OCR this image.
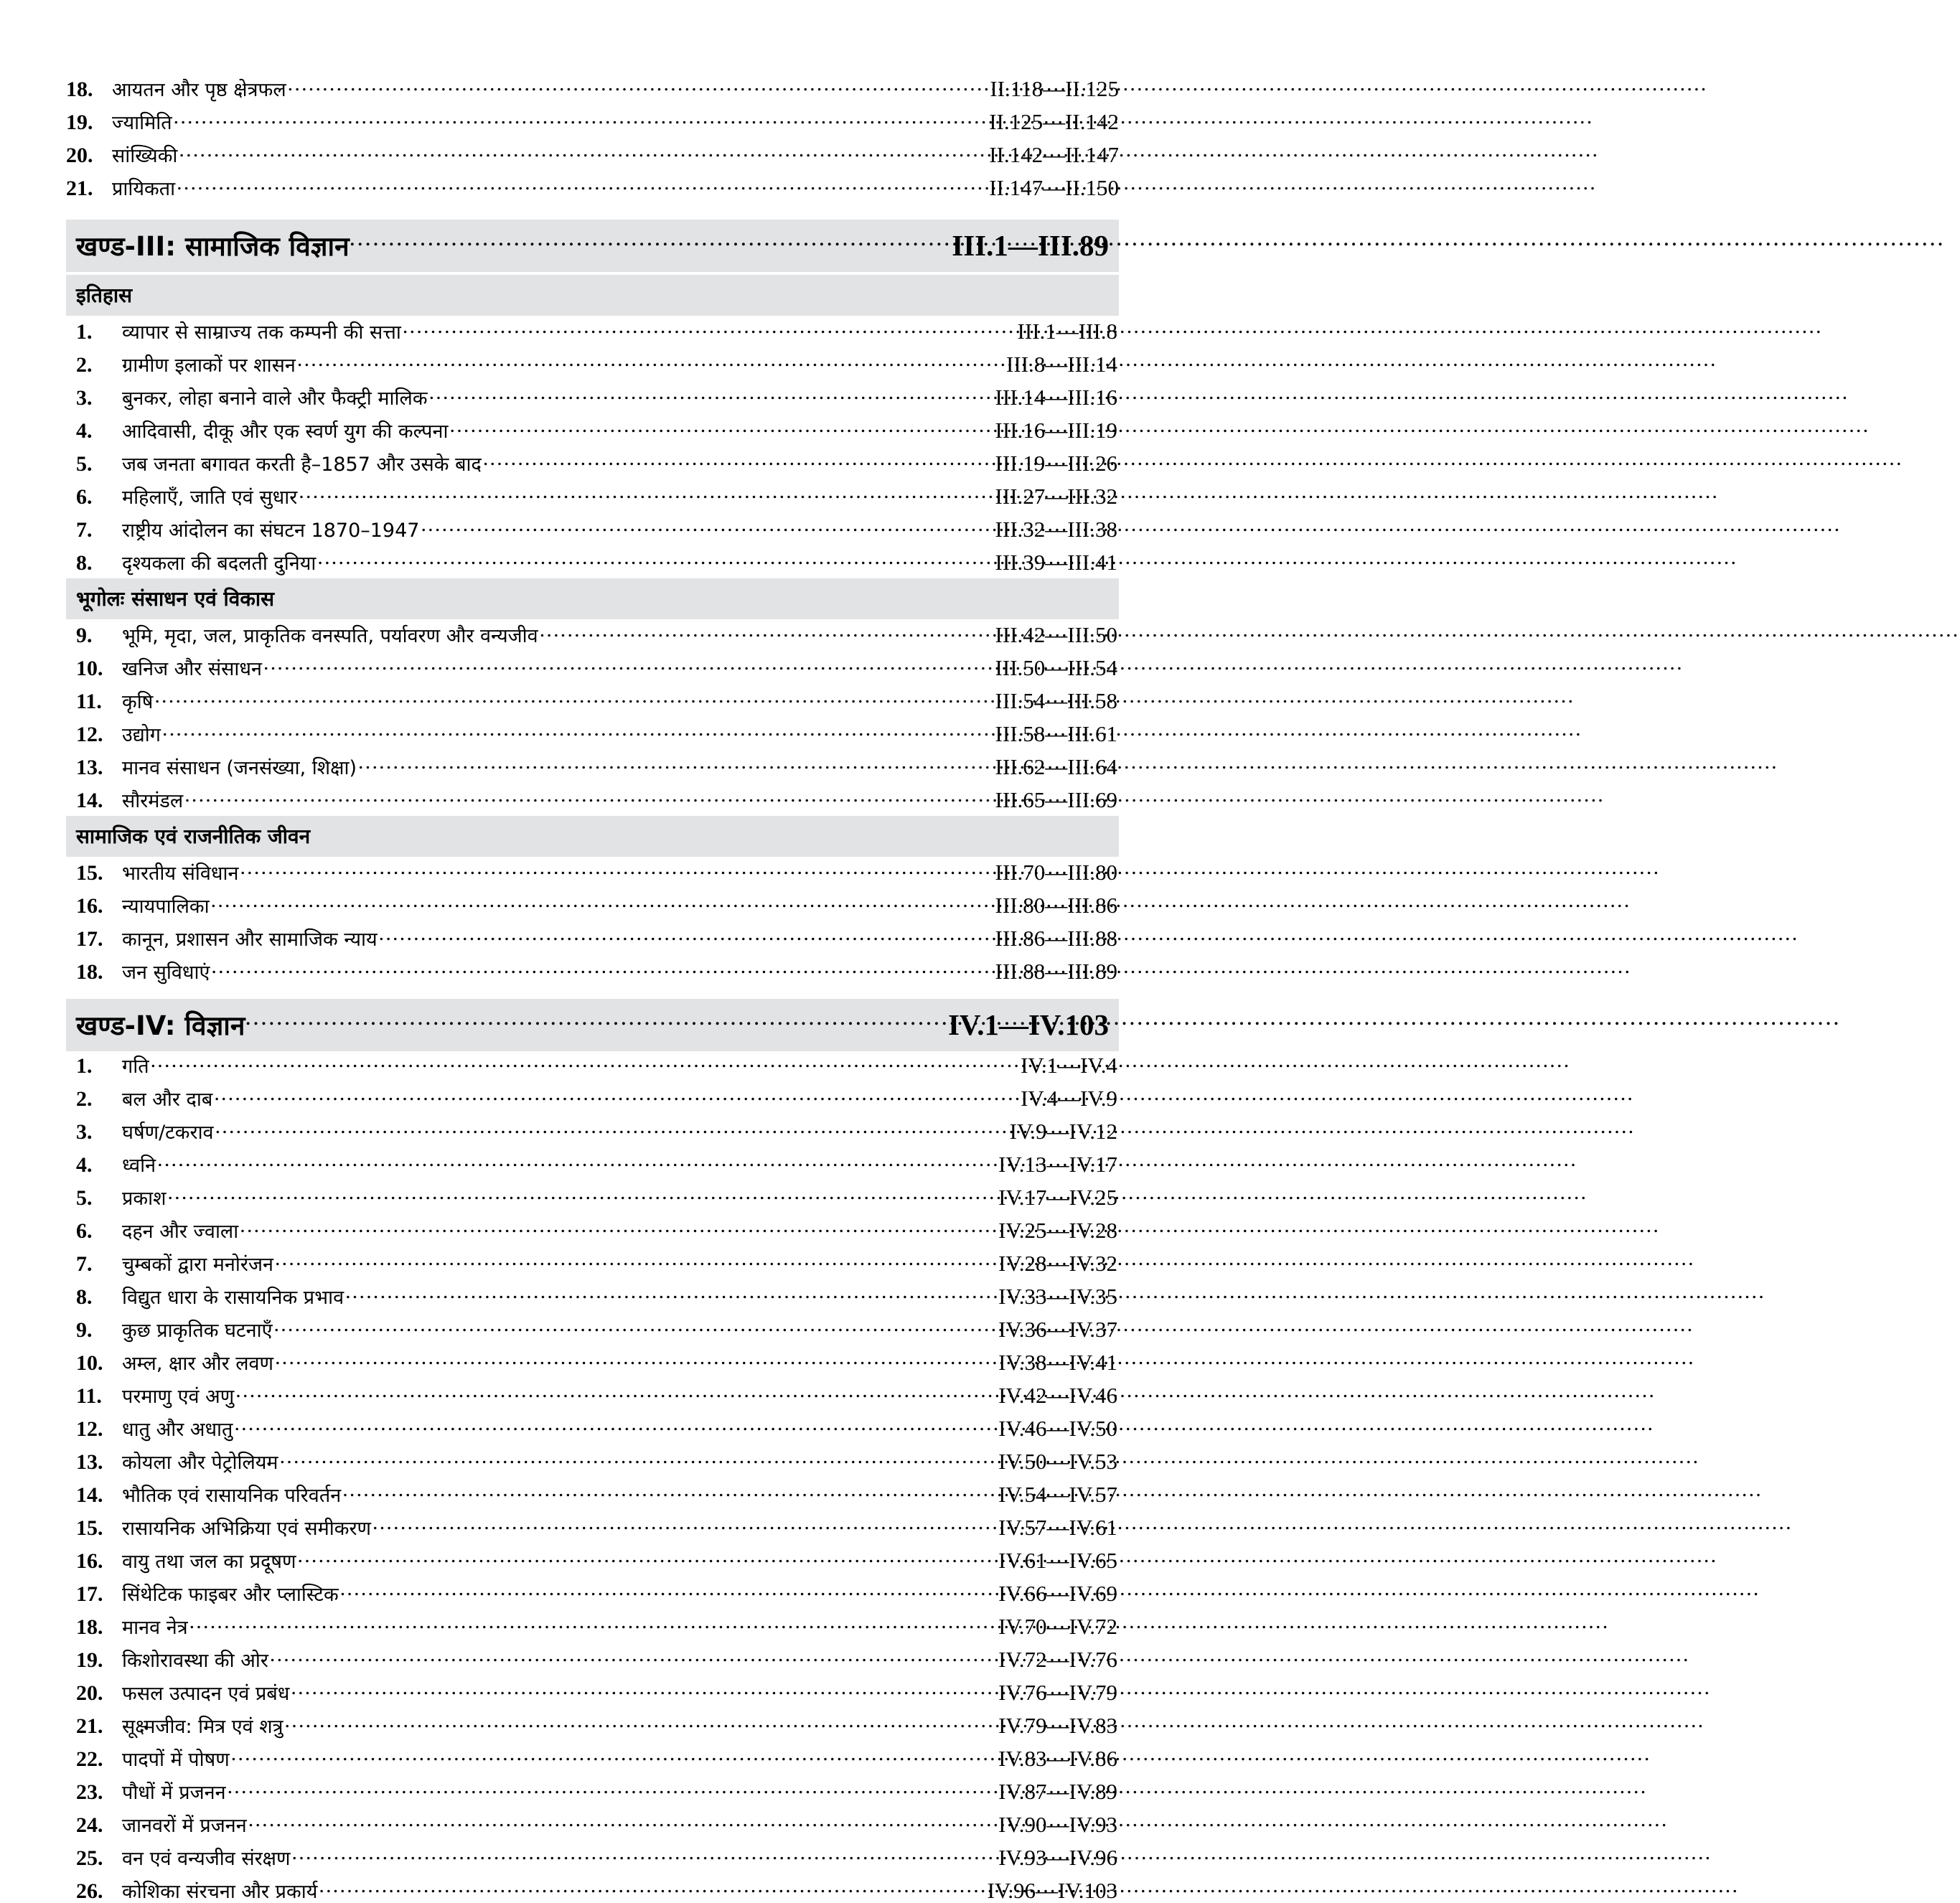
18. आयतन और पृष्ठ क्षेत्रफल .....	II.118—II.125
19. ज्यामिति .....	II.125—II.142
20. सांख्यिकी .....	II.142—II.147
21. प्रायिकता .....	II.147—II.150
खण्ड-III: सामाजिक विज्ञान .....	III.1—III.89
इतिहास
1.	व्यापार से साम्राज्य तक कम्पनी की सत्ता .....	III.1—III.8
2.	ग्रामीण इलाकों पर शासन .....	III.8—III.14
3.	बुनकर, लोहा बनाने वाले और फैक्ट्री मालिक .....	III.14—III.16
4.	आदिवासी, दीकू और एक स्वर्ण युग की कल्पना .....	III.16—III.19
5.	जब जनता बगावत करती है–1857 और उसके बाद .....	III.19—III.26
6.	महिलाएँ, जाति एवं सुधार .....	III.27—III.32
7.	राष्ट्रीय आंदोलन का संघटन 1870–1947 .....	III.32—III.38
8.	दृश्यकला की बदलती दुनिया .....	III.39—III.41
भूगोलः संसाधन एवं विकास
9.	भूमि, मृदा, जल, प्राकृतिक वनस्पति, पर्यावरण और वन्यजीव .....	III.42—III.50
10. खनिज और संसाधन .....	III.50—III.54
11.	कृषि .....	III.54—III.58
12. उद्योग .....	III.58—III.61
13. मानव संसाधन (जनसंख्या, शिक्षा) .....	III.62—III.64
14. सौरमंडल .....	III.65—III.69
सामाजिक एवं राजनीतिक जीवन
15. भारतीय संविधान .....	III.70—III.80
16. न्यायपालिका .....	III.80—III.86
17. कानून, प्रशासन और सामाजिक न्याय .....	III.86—III.88
18. जन सुविधाएं .....	III.88—III.89
खण्ड-IV: विज्ञान .....	IV.1—IV.103
1.	गति .....	IV.1—IV.4
2.	बल और दाब .....	IV.4—IV.9
3.	घर्षण/टकराव .....	IV.9—IV.12
4.	ध्वनि .....	IV.13—IV.17
5.	प्रकाश .....	IV.17—IV.25
6.	दहन और ज्वाला .....	IV.25—IV.28
7.	चुम्बकों द्वारा मनोरंजन .....	IV.28—IV.32
8.	विद्युत धारा के रासायनिक प्रभाव .....	IV.33—IV.35
9.	कुछ प्राकृतिक घटनाएँ .....	IV.36—IV.37
10. अम्ल, क्षार और लवण .....	IV.38—IV.41
11.	परमाणु एवं अणु .....	IV.42—IV.46
12. धातु और अधातु .....	IV.46—IV.50
13. कोयला और पेट्रोलियम .....	IV.50—IV.53
14. भौतिक एवं रासायनिक परिवर्तन .....	IV.54—IV.57
15. रासायनिक अभिक्रिया एवं समीकरण .....	IV.57—IV.61
16. वायु तथा जल का प्रदूषण .....	IV.61—IV.65
17. सिंथेटिक फाइबर और प्लास्टिक .....	IV.66—IV.69
18. मानव नेत्र .....	IV.70—IV.72
19. किशोरावस्था की ओर .....	IV.72—IV.76
20. फसल उत्पादन एवं प्रबंध .....	IV.76—IV.79
21. सूक्ष्मजीव: मित्र एवं शत्रु .....	IV.79—IV.83
22. पादपों में पोषण .....	IV.83—IV.86
23. पौधों में प्रजनन .....	IV.87—IV.89
24. जानवरों में प्रजनन .....	IV.90—IV.93
25. वन एवं वन्यजीव संरक्षण .....	IV.93—IV.96
26. कोशिका संरचना और प्रकार्य .....	IV.96—IV.103
